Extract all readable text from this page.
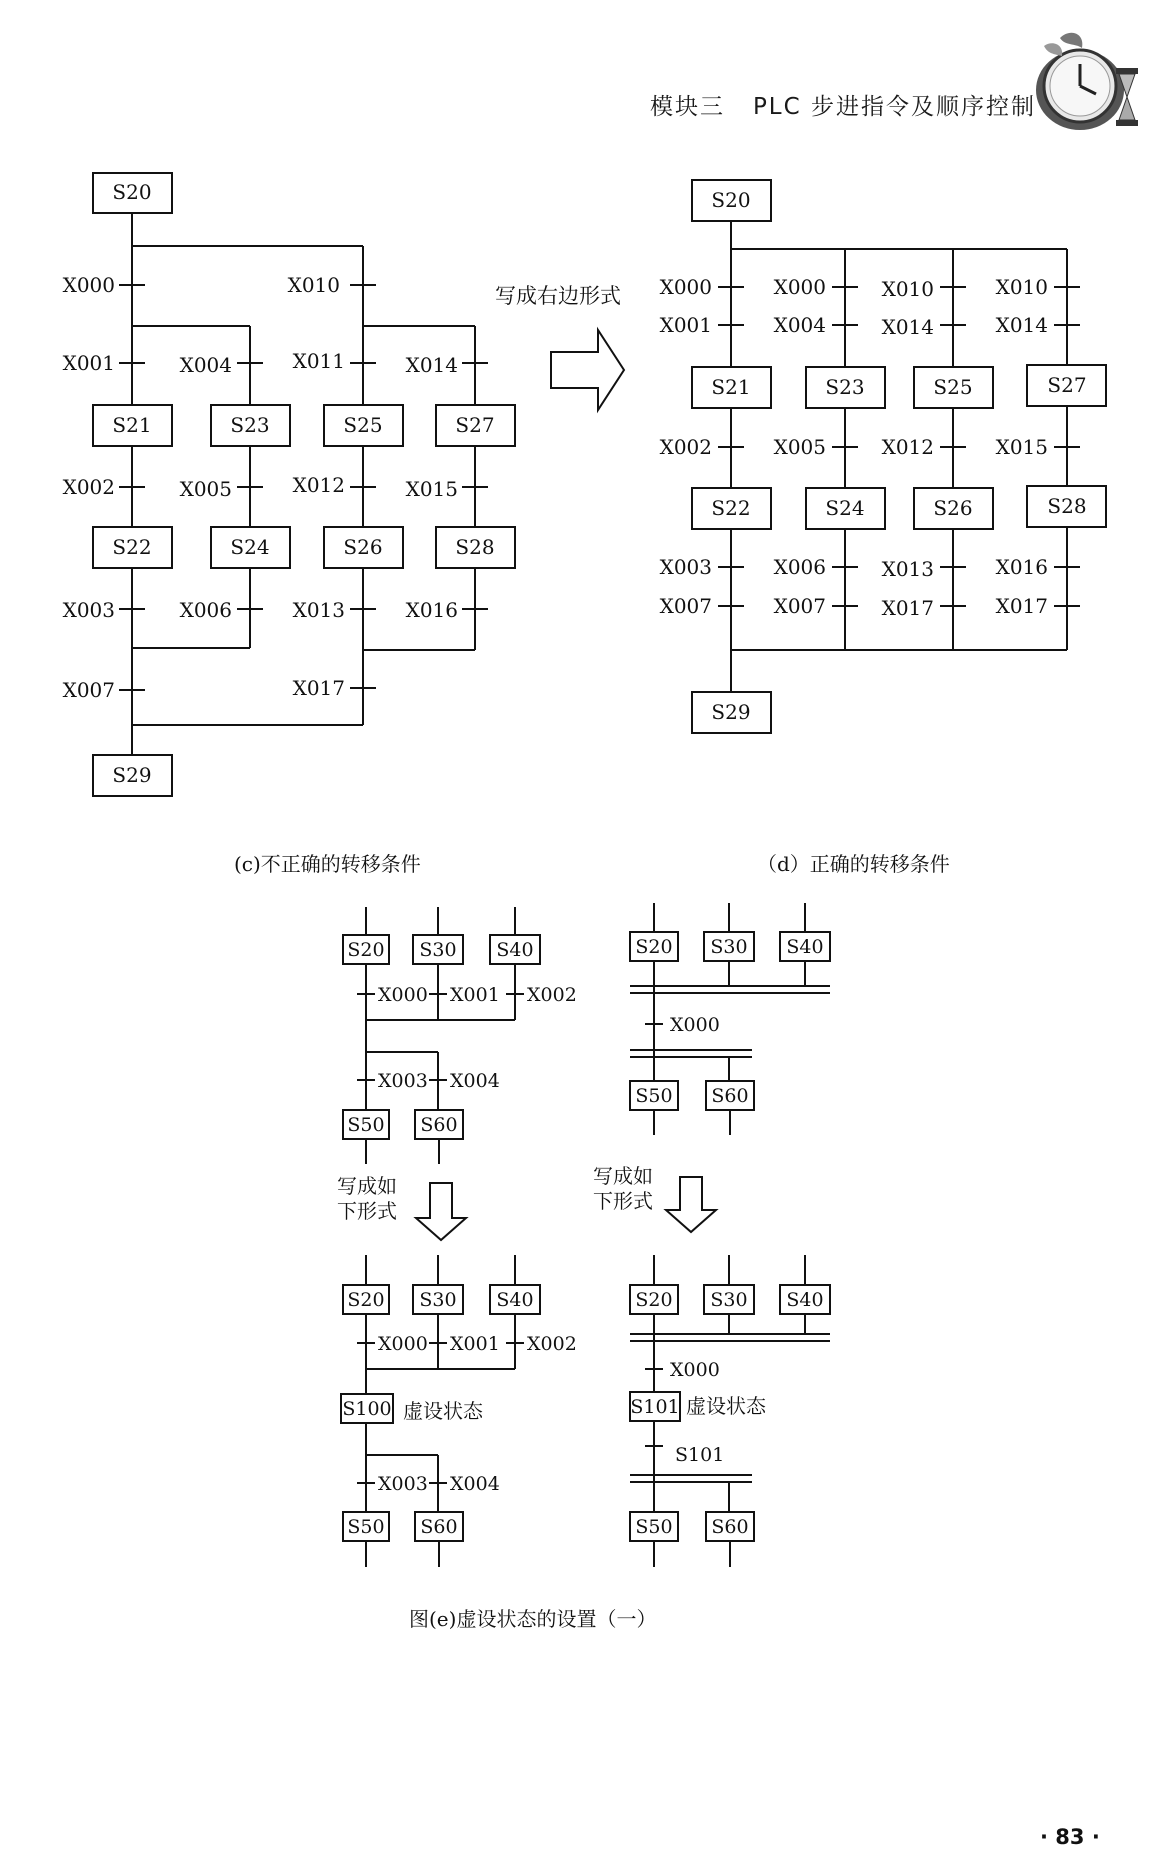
模块三 PLC 步进指令及顺序控制
S20
X000	X010
X001	X004	X011	X014
S21	S23	S25	S27
X002	X005	X012	X015
S22	S24	S26	S28
X003	X006	X013	X016
X007	X017
S29
写成右边形式
S20
X000	X000	X010	X010
X001	X004	X014	X014
S21	S23	S25	S27
X002	X005	X012	X015
S22	S24	S26	S28
X003	X006	X013	X016
X007	X007	X017	X017
S29
S20 S30 S40
X000 X001 X002
X003 X004
S50 S60
S20 S30 S40
X000
S50 S60
写成如
下形式
写成如
下形式
S20 S30 S40
X000 X001 X002
S100 虚设状态
X003 X004
S50 S60
S20 S30 S40
X000
S101 虚设状态
S101
S50 S60
(c)不正确的转移条件	（d）正确的转移条件
图(e)虚设状态的设置（一）
· 83 ·
